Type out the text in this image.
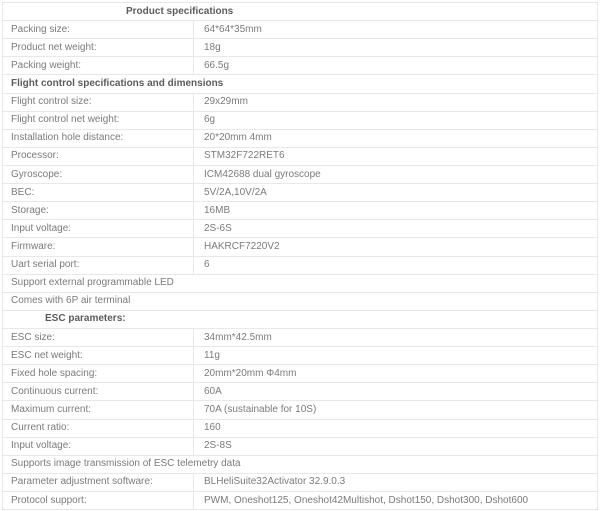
Product specifications
Packing size:	64*64*35mm
Product net weight:	18g
Packing weight:	66.5g
Flight control specifications and dimensions
Flight control size:	29x29mm
Flight control net weight:	6g
Installation hole distance:	20*20mm 4mm
Processor:	STM32F722RET6
Gyroscope:	ICM42688 dual gyroscope
BEC:	5V/2A,10V/2A
Storage:	16MB
Input voltage:	2S-6S
Firmware:	HAKRCF7220V2
Uart serial port:	6
Support external programmable LED
Comes with 6P air terminal
ESC parameters:
ESC size:	34mm*42.5mm
ESC net weight:	11g
Fixed hole spacing:	20mm*20mm Φ4mm
Continuous current:	60A
Maximum current:	70A (sustainable for 10S)
Current ratio:	160
Input voltage:	2S-8S
Supports image transmission of ESC telemetry data
Parameter adjustment software:	BLHeliSuite32Activator 32.9.0.3
Protocol support:	PWM, Oneshot125, Oneshot42Multishot, Dshot150, Dshot300, Dshot600
